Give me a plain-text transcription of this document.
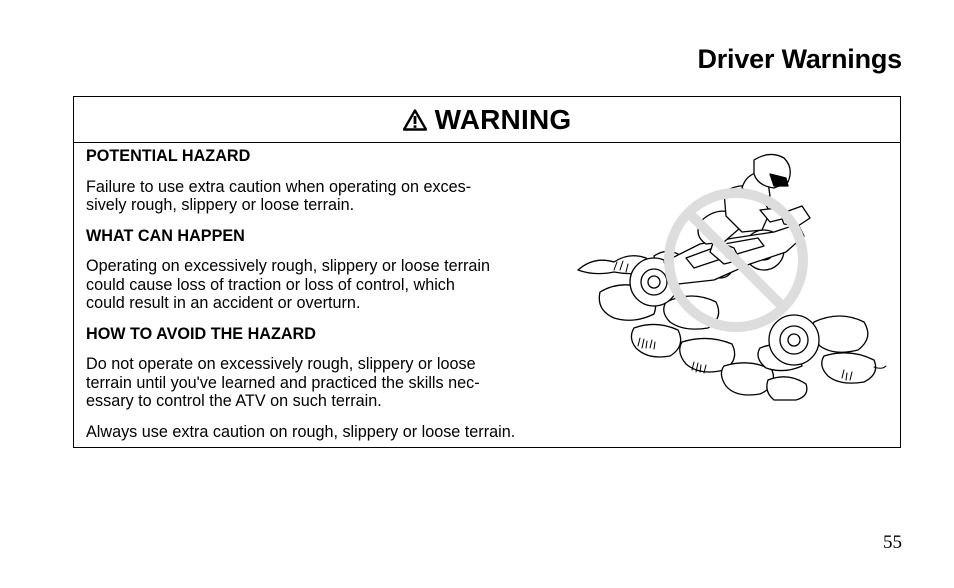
Driver Warnings
WARNING
POTENTIAL HAZARD

Failure to use extra caution when operating on exces-
sively rough, slippery or loose terrain.

WHAT CAN HAPPEN

Operating on excessively rough, slippery or loose terrain
could cause loss of traction or loss of control, which
could result in an accident or overturn.

HOW TO AVOID THE HAZARD

Do not operate on excessively rough, slippery or loose
terrain until you've learned and practiced the skills nec-
essary to control the ATV on such terrain.

Always use extra caution on rough, slippery or loose terrain.

55
